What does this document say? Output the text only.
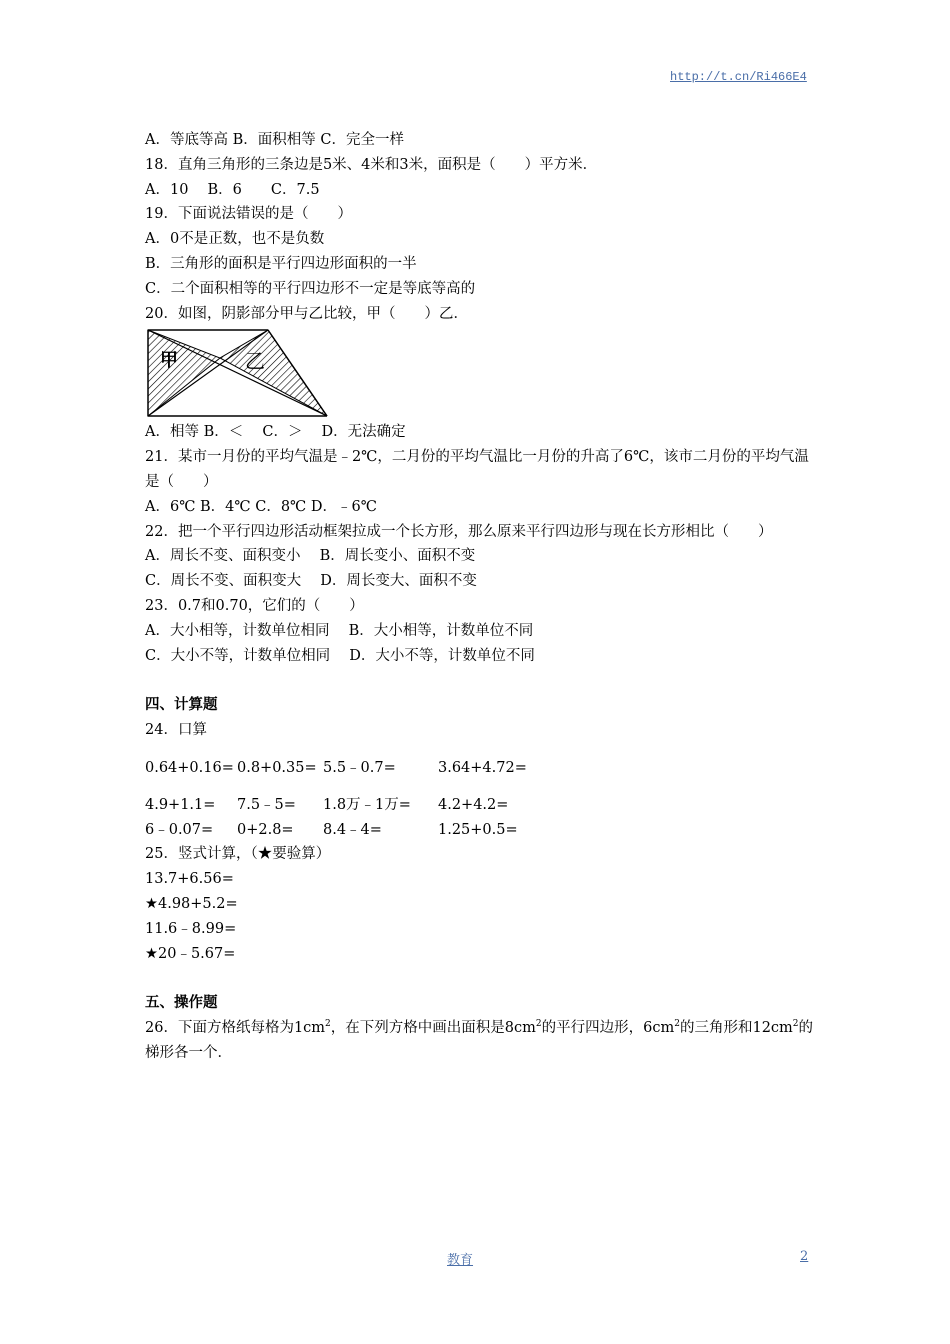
http://t.cn/Ri466E4
A．等底等高 B．面积相等 C．完全一样
18．直角三角形的三条边是5米、4米和3米，面积是（　　）平方米．
A．10　 B．6　　C．7.5
19．下面说法错误的是（　　）
A．0不是正数，也不是负数
B．三角形的面积是平行四边形面积的一半
C．二个面积相等的平行四边形不一定是等底等高的
20．如图，阴影部分甲与乙比较，甲（　　）乙．
甲	乙
A．相等 B．＜　 C．＞　 D．无法确定
21．某市一月份的平均气温是﹣2℃，二月份的平均气温比一月份的升高了6℃，该市二月份的平均气温是（　　）
A．6℃ B．4℃ C．8℃ D．﹣6℃
22．把一个平行四边形活动框架拉成一个长方形，那么原来平行四边形与现在长方形相比（　　）
A．周长不变、面积变小　 B．周长变小、面积不变
C．周长不变、面积变大　 D．周长变大、面积不变
23．0.7和0.70，它们的（　　）
A．大小相等，计数单位相同　 B．大小相等，计数单位不同
C．大小不等，计数单位相同　 D．大小不等，计数单位不同
四、计算题
24．口算
0.64+0.16=	0.8+0.35=	5.5﹣0.7=	3.64+4.72=
4.9+1.1=	7.5﹣5=	1.8万﹣1万=	4.2+4.2=
6﹣0.07=	0+2.8=	8.4﹣4=	1.25+0.5=
25．竖式计算，（★要验算）
13.7+6.56=
★4.98+5.2=
11.6﹣8.99=
★20﹣5.67=
五、操作题
26．下面方格纸每格为$1cm^2$，在下列方格中画出面积是$8cm^2$的平行四边形，$6cm^2$的三角形和$12cm^2$的梯形各一个．
教育	2
